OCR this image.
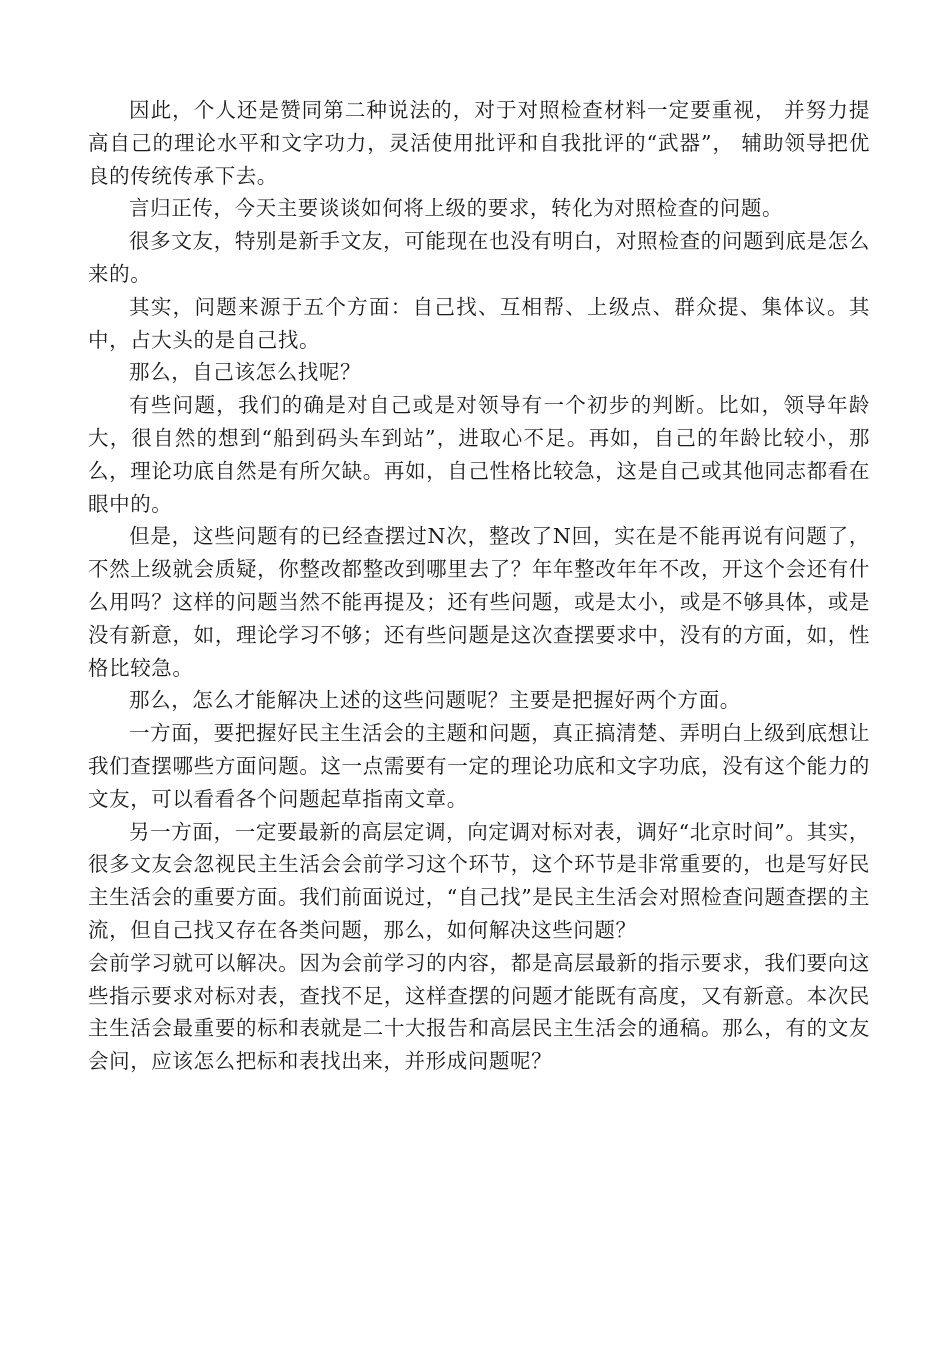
因此，个人还是赞同第二种说法的，对于对照检查材料一定要重视， 并努力提高自己的理论水平和文字功力，灵活使用批评和自我批评的“武器”， 辅助领导把优良的传统传承下去。

言归正传，今天主要谈谈如何将上级的要求，转化为对照检查的问题。

很多文友，特别是新手文友，可能现在也没有明白，对照检查的问题到底是怎么来的。

其实，问题来源于五个方面：自己找、互相帮、上级点、群众提、集体议。其中，占大头的是自己找。

那么，自己该怎么找呢？

有些问题，我们的确是对自己或是对领导有一个初步的判断。比如，领导年龄大，很自然的想到“船到码头车到站”，进取心不足。再如，自己的年龄比较小，那么，理论功底自然是有所欠缺。再如，自己性格比较急，这是自己或其他同志都看在眼中的。

但是，这些问题有的已经查摆过N次，整改了N回，实在是不能再说有问题了，不然上级就会质疑，你整改都整改到哪里去了？年年整改年年不改，开这个会还有什么用吗？这样的问题当然不能再提及；还有些问题，或是太小，或是不够具体，或是没有新意，如，理论学习不够；还有些问题是这次查摆要求中，没有的方面，如，性格比较急。

那么，怎么才能解决上述的这些问题呢？主要是把握好两个方面。

一方面，要把握好民主生活会的主题和问题，真正搞清楚、弄明白上级到底想让我们查摆哪些方面问题。这一点需要有一定的理论功底和文字功底，没有这个能力的文友，可以看看各个问题起草指南文章。

另一方面，一定要最新的高层定调，向定调对标对表，调好“北京时间”。其实，很多文友会忽视民主生活会会前学习这个环节，这个环节是非常重要的，也是写好民主生活会的重要方面。我们前面说过，“自己找”是民主生活会对照检查问题查摆的主流，但自己找又存在各类问题，那么，如何解决这些问题？

会前学习就可以解决。因为会前学习的内容，都是高层最新的指示要求，我们要向这些指示要求对标对表，查找不足，这样查摆的问题才能既有高度，又有新意。本次民主生活会最重要的标和表就是二十大报告和高层民主生活会的通稿。那么，有的文友会问，应该怎么把标和表找出来，并形成问题呢？
